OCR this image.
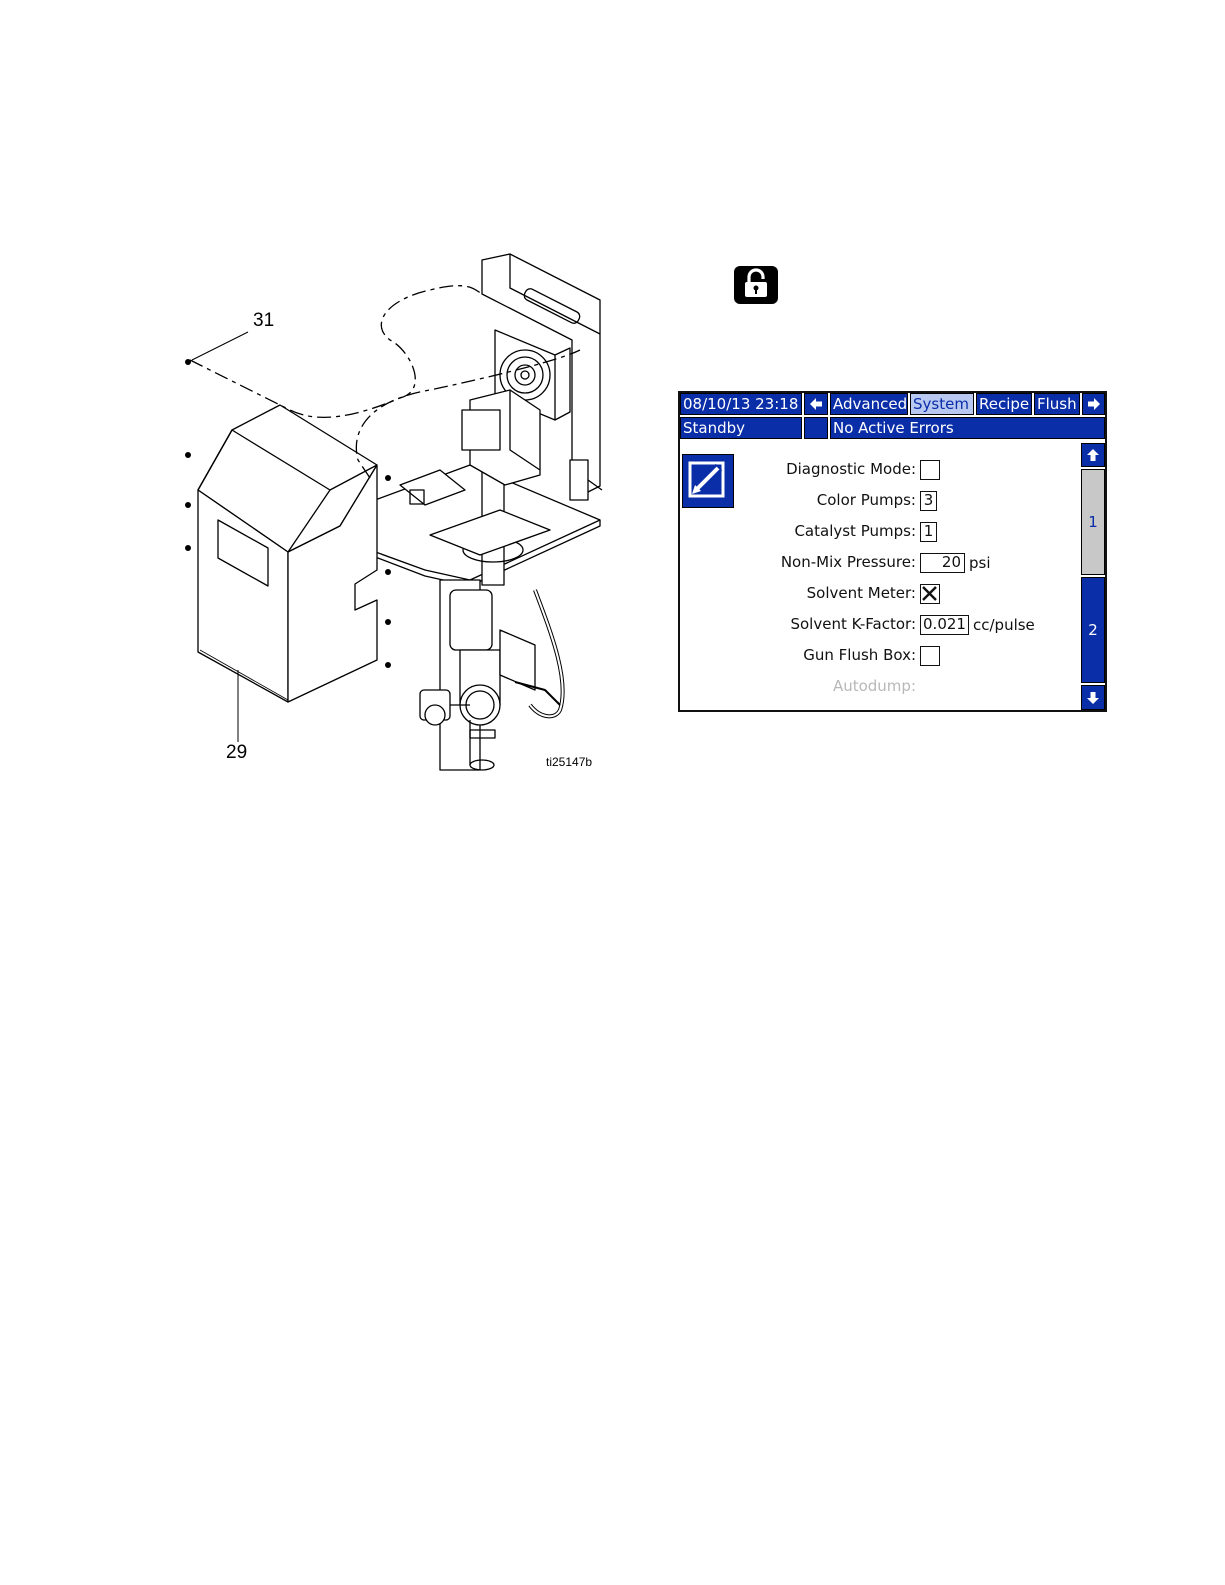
31
29	ti25147b
08/10/13 23:18 Advanced System Recipe Flush
Standby	No Active Errors
Diagnostic Mode:
Color Pumps: 3
Catalyst Pumps: 1
Non-Mix Pressure:	20 psi
Solvent Meter:
Solvent K-Factor: 0.021 cc/pulse
Gun Flush Box:
Autodump:
1
2
